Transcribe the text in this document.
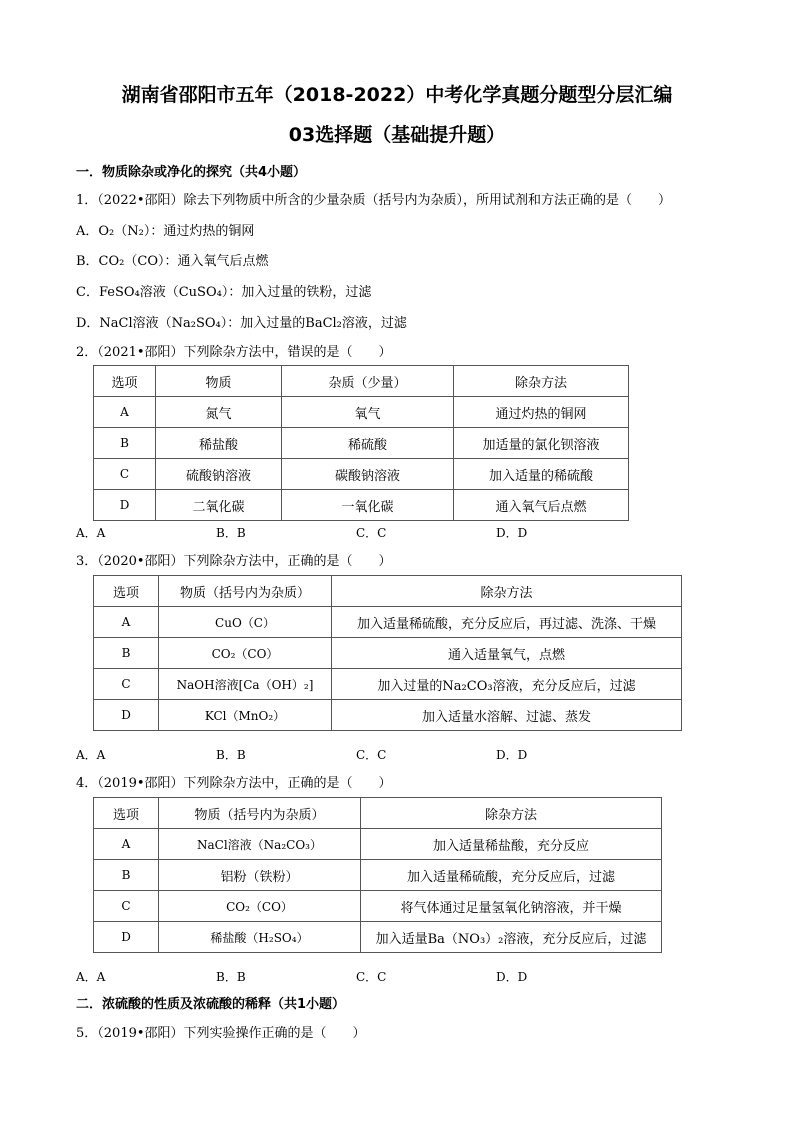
湖南省邵阳市五年（2018-2022）中考化学真题分题型分层汇编
03选择题（基础提升题）
一．物质除杂或净化的探究（共4小题）
1．（2022•邵阳）除去下列物质中所含的少量杂质（括号内为杂质），所用试剂和方法正确的是（　　）
A．O₂（N₂）：通过灼热的铜网
B．CO₂（CO）：通入氧气后点燃
C．FeSO₄溶液（CuSO₄）：加入过量的铁粉，过滤
D．NaCl溶液（Na₂SO₄）：加入过量的BaCl₂溶液，过滤
2．（2021•邵阳）下列除杂方法中，错误的是（　　）
选项	物质	杂质（少量）	除杂方法
A	氮气	氧气	通过灼热的铜网
B	稀盐酸	稀硫酸	加适量的氯化钡溶液
C	硫酸钠溶液	碳酸钠溶液	加入适量的稀硫酸
D	二氧化碳	一氧化碳	通入氧气后点燃
A．A	B．B	C．C	D．D
3．（2020•邵阳）下列除杂方法中，正确的是（　　）
选项	物质（括号内为杂质）	除杂方法
A	CuO（C）	加入适量稀硫酸，充分反应后，再过滤、洗涤、干燥
B	CO₂（CO）	通入适量氧气，点燃
C	NaOH溶液[Ca（OH）₂]	加入过量的Na₂CO₃溶液，充分反应后，过滤
D	KCl（MnO₂）	加入适量水溶解、过滤、蒸发
A．A	B．B	C．C	D．D
4．（2019•邵阳）下列除杂方法中，正确的是（　　）
选项	物质（括号内为杂质）	除杂方法
A	NaCl溶液（Na₂CO₃）	加入适量稀盐酸，充分反应
B	铝粉（铁粉）	加入适量稀硫酸，充分反应后，过滤
C	CO₂（CO）	将气体通过足量氢氧化钠溶液，并干燥
D	稀盐酸（H₂SO₄）	加入适量Ba（NO₃）₂溶液，充分反应后，过滤
A．A	B．B	C．C	D．D
二．浓硫酸的性质及浓硫酸的稀释（共1小题）
5．（2019•邵阳）下列实验操作正确的是（　　）
